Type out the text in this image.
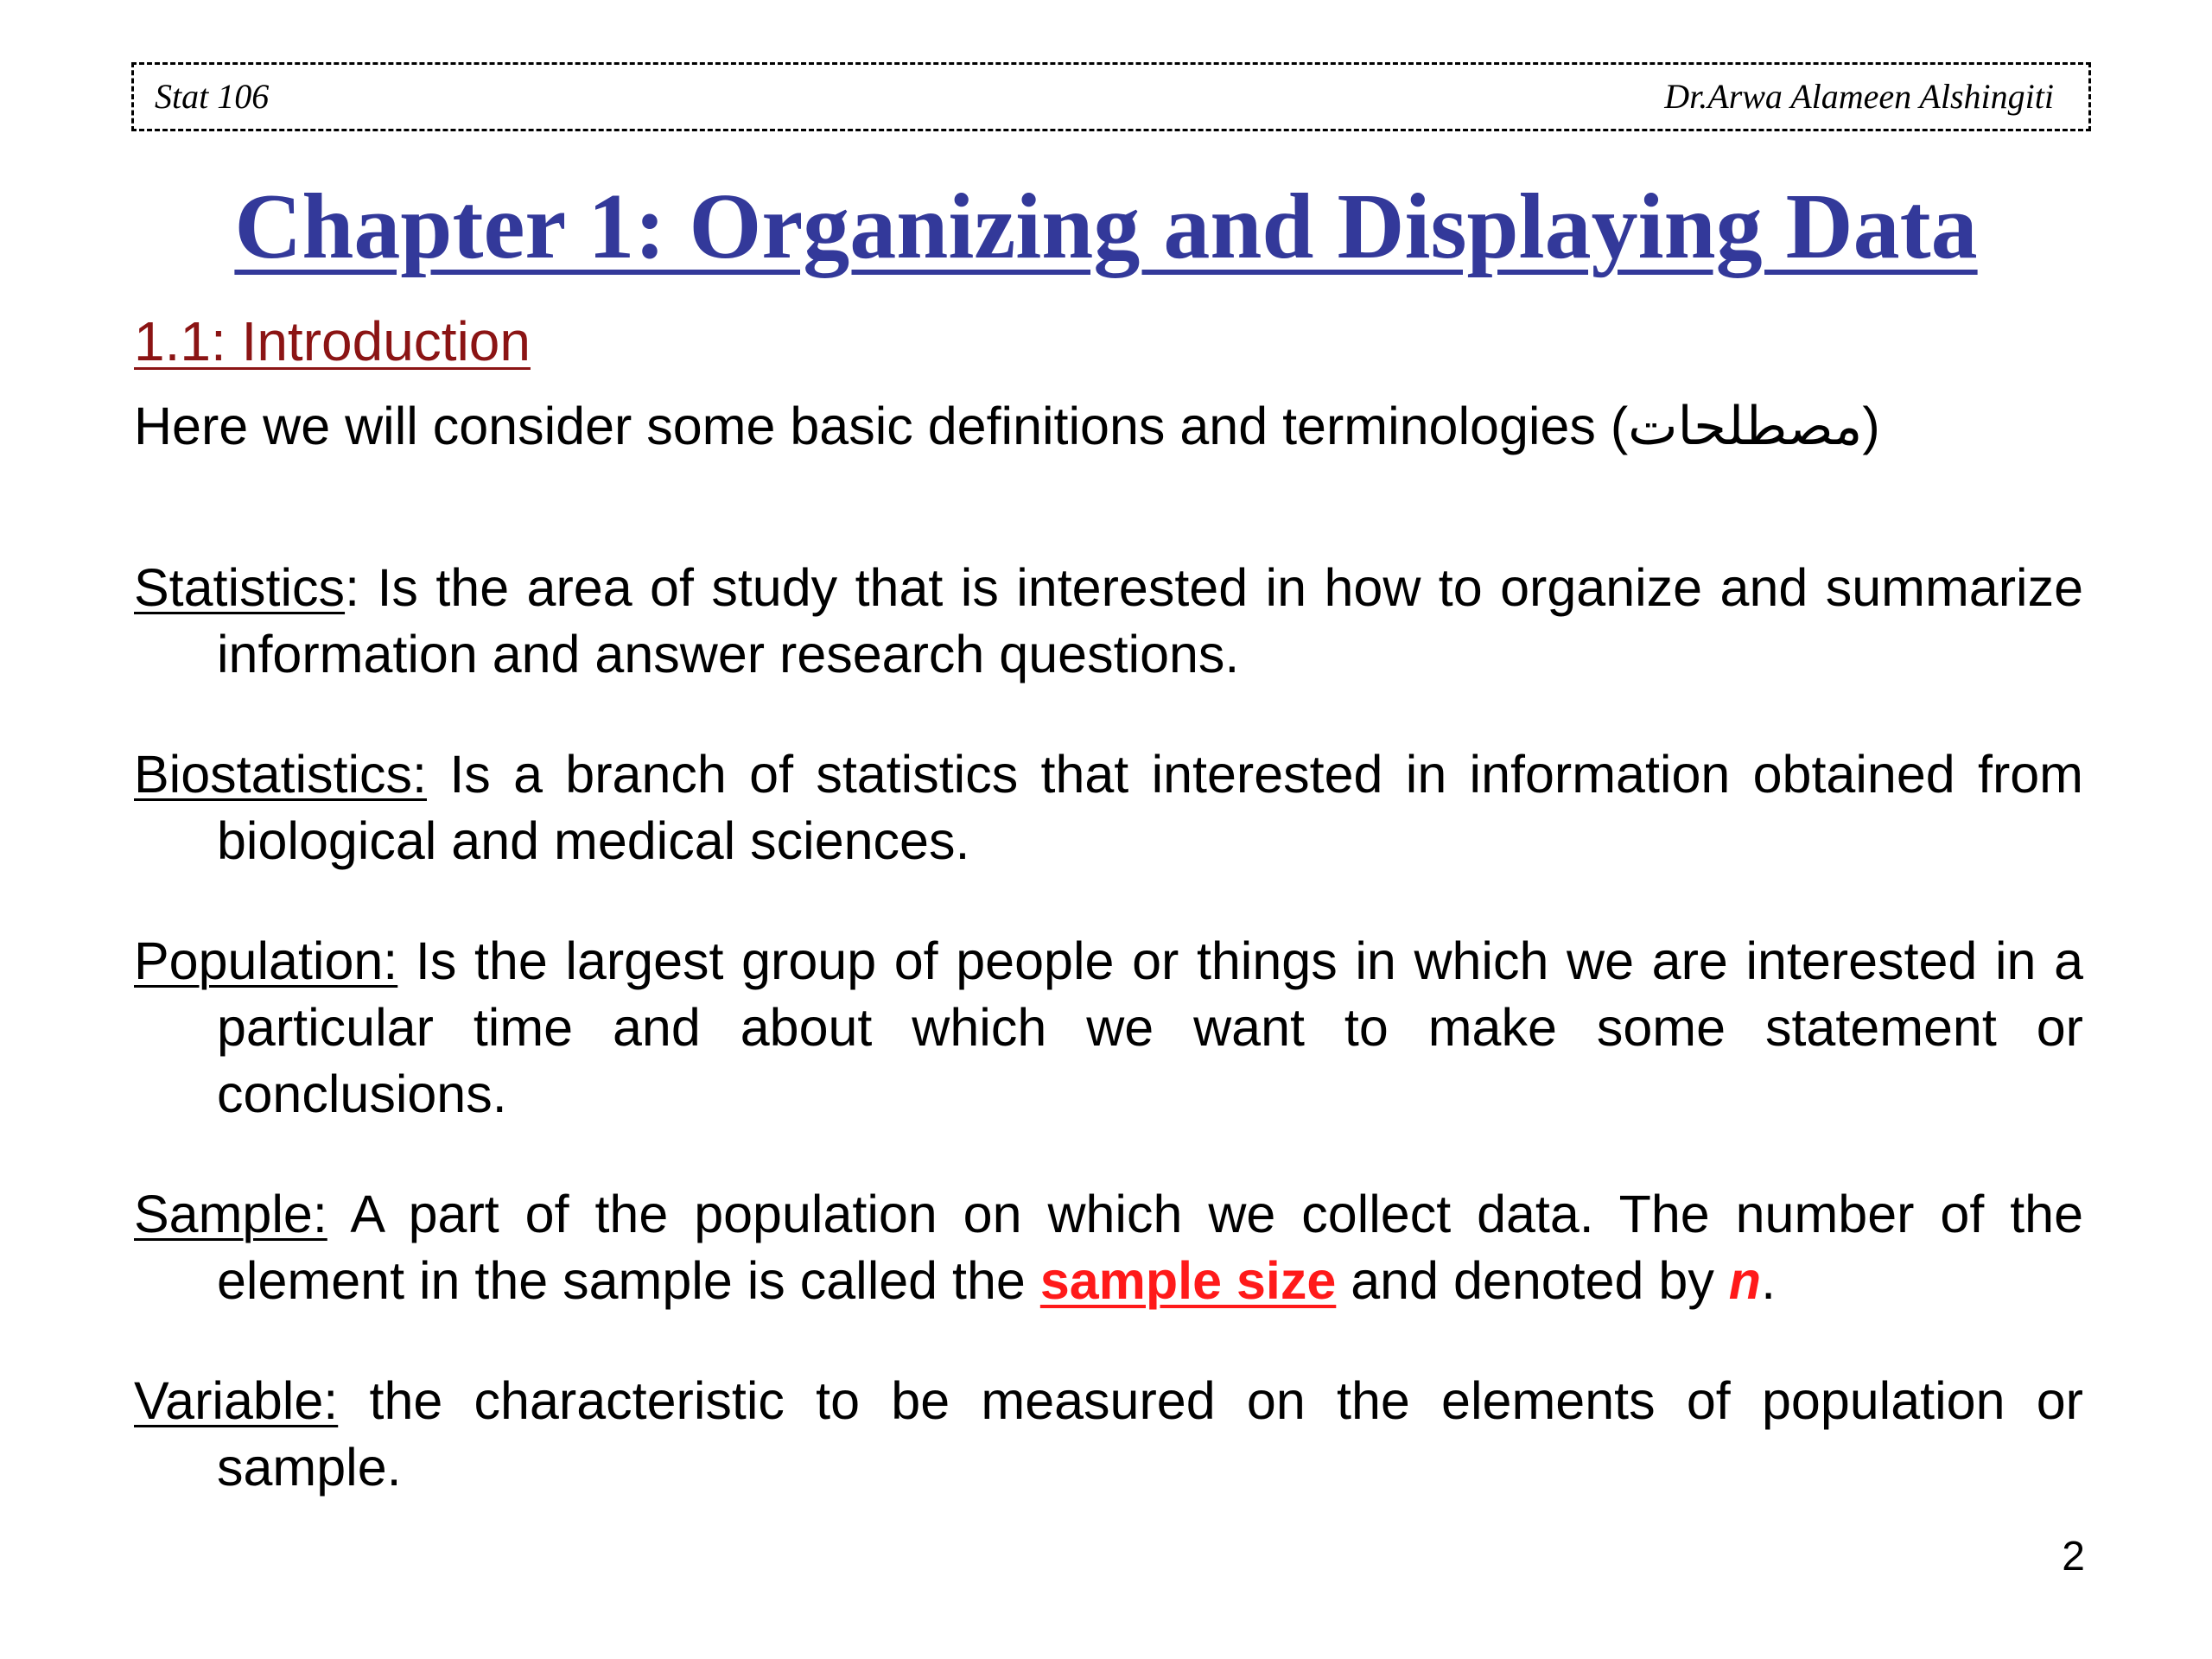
Stat 106	Dr.Arwa Alameen Alshingiti
Chapter 1: Organizing and Displaying Data
1.1: Introduction
Here we will consider some basic definitions and terminologies (مصطلحات)
Statistics: Is the area of study that is interested in how to organize and summarize information and answer research questions.
Biostatistics: Is a branch of statistics that interested in information obtained from biological and medical sciences.
Population: Is the largest group of people or things in which we are interested in a particular time and about which we want to make some statement or conclusions.
Sample: A part of the population on which we collect data. The number of the element in the sample is called the sample size and denoted by n.
Variable: the characteristic to be measured on the elements of population or sample.
2
